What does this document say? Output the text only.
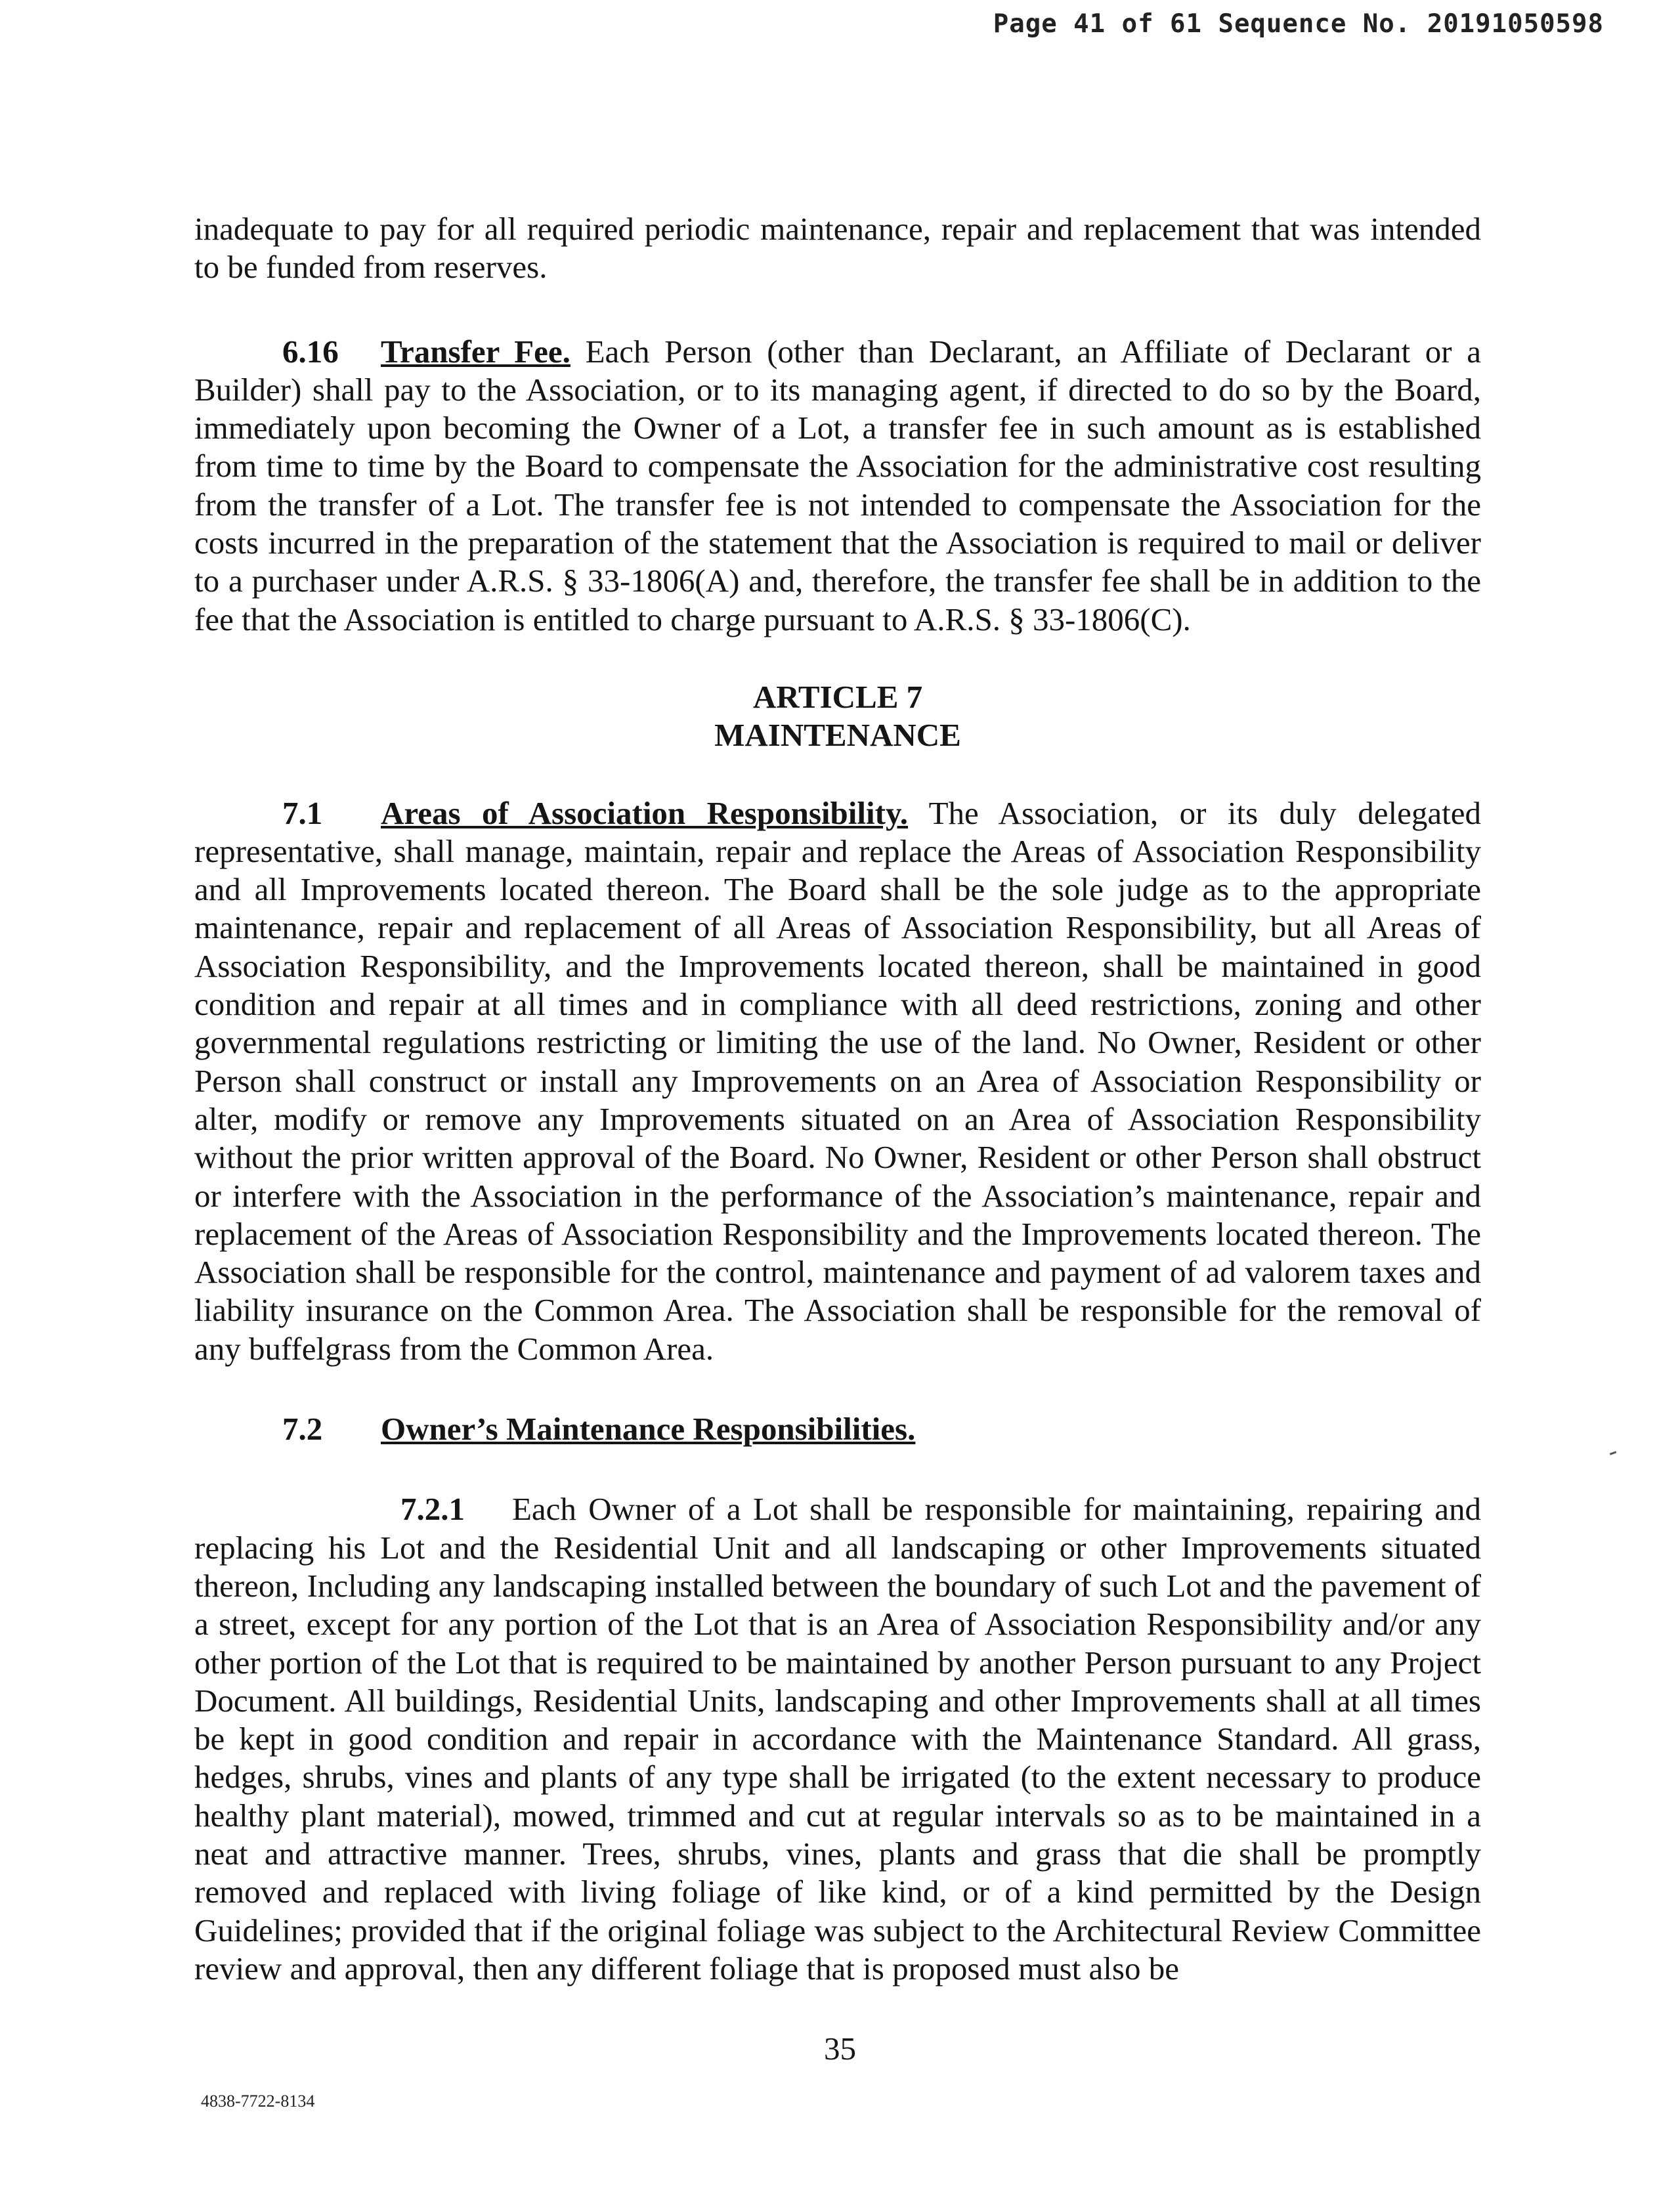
Page 41 of 61 Sequence No. 20191050598

inadequate to pay for all required periodic maintenance, repair and replacement that was intended to be funded from reserves.

6.16 Transfer Fee. Each Person (other than Declarant, an Affiliate of Declarant or a Builder) shall pay to the Association, or to its managing agent, if directed to do so by the Board, immediately upon becoming the Owner of a Lot, a transfer fee in such amount as is established from time to time by the Board to compensate the Association for the administrative cost resulting from the transfer of a Lot. The transfer fee is not intended to compensate the Association for the costs incurred in the preparation of the statement that the Association is required to mail or deliver to a purchaser under A.R.S. § 33-1806(A) and, therefore, the transfer fee shall be in addition to the fee that the Association is entitled to charge pursuant to A.R.S. § 33-1806(C).

ARTICLE 7

MAINTENANCE

7.1 Areas of Association Responsibility. The Association, or its duly delegated representative, shall manage, maintain, repair and replace the Areas of Association Responsibility and all Improvements located thereon. The Board shall be the sole judge as to the appropriate maintenance, repair and replacement of all Areas of Association Responsibility, but all Areas of Association Responsibility, and the Improvements located thereon, shall be maintained in good condition and repair at all times and in compliance with all deed restrictions, zoning and other governmental regulations restricting or limiting the use of the land. No Owner, Resident or other Person shall construct or install any Improvements on an Area of Association Responsibility or alter, modify or remove any Improvements situated on an Area of Association Responsibility without the prior written approval of the Board. No Owner, Resident or other Person shall obstruct or interfere with the Association in the performance of the Association’s maintenance, repair and replacement of the Areas of Association Responsibility and the Improvements located thereon. The Association shall be responsible for the control, maintenance and payment of ad valorem taxes and liability insurance on the Common Area. The Association shall be responsible for the removal of any buffelgrass from the Common Area.

7.2 Owner’s Maintenance Responsibilities.

7.2.1 Each Owner of a Lot shall be responsible for maintaining, repairing and replacing his Lot and the Residential Unit and all landscaping or other Improvements situated thereon, Including any landscaping installed between the boundary of such Lot and the pavement of a street, except for any portion of the Lot that is an Area of Association Responsibility and/or any other portion of the Lot that is required to be maintained by another Person pursuant to any Project Document. All buildings, Residential Units, landscaping and other Improvements shall at all times be kept in good condition and repair in accordance with the Maintenance Standard. All grass, hedges, shrubs, vines and plants of any type shall be irrigated (to the extent necessary to produce healthy plant material), mowed, trimmed and cut at regular intervals so as to be maintained in a neat and attractive manner. Trees, shrubs, vines, plants and grass that die shall be promptly removed and replaced with living foliage of like kind, or of a kind permitted by the Design Guidelines; provided that if the original foliage was subject to the Architectural Review Committee review and approval, then any different foliage that is proposed must also be

35
4838-7722-8134
